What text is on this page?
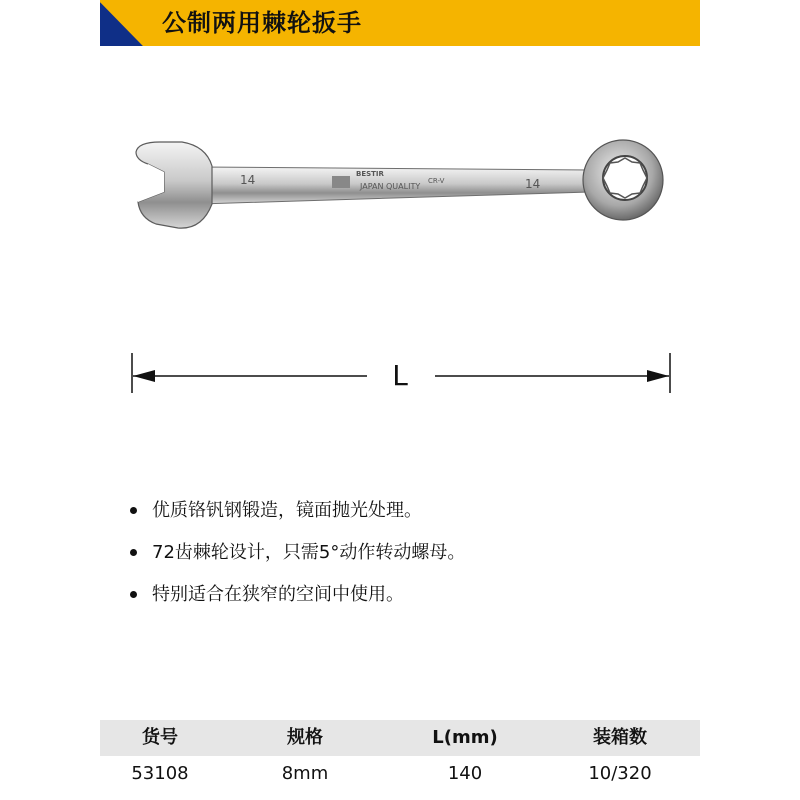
公制两用棘轮扳手
14	14
BESTIR
JAPAN QUALITY
CR-V
L
优质铬钒钢锻造，镜面抛光处理。
72齿棘轮设计，只需5°动作转动螺母。
特别适合在狭窄的空间中使用。
货号	规格	L(mm)	装箱数
53108	8mm	140	10/320
